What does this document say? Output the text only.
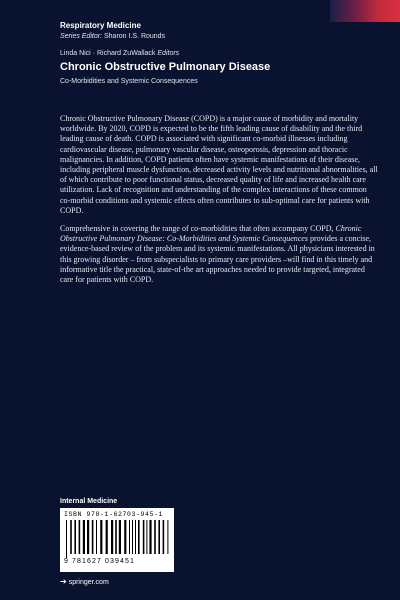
Respiratory Medicine
Series Editor: Sharon I.S. Rounds
Linda Nici · Richard ZuWallack Editors
Chronic Obstructive Pulmonary Disease
Co-Morbidities and Systemic Consequences

Chronic Obstructive Pulmonary Disease (COPD) is a major cause of morbidity and mortality worldwide. By 2020, COPD is expected to be the fifth leading cause of disability and the third leading cause of death. COPD is associated with significant co-morbid illnesses including cardiovascular disease, pulmonary vascular disease, osteoporosis, depression and thoracic malignancies. In addition, COPD patients often have systemic manifestations of their disease, including peripheral muscle dysfunction, decreased activity levels and nutritional abnormalities, all of which contribute to poor functional status, decreased quality of life and increased health care utilization. Lack of recognition and understanding of the complex interactions of these common co-morbid conditions and systemic effects often contributes to sub-optimal care for patients with COPD.

Comprehensive in covering the range of co-morbidities that often accompany COPD, Chronic Obstructive Pulmonary Disease: Co-Morbidities and Systemic Consequences provides a concise, evidence-based review of the problem and its systemic manifestations. All physicians interested in this growing disorder – from subspecialists to primary care providers –will find in this timely and informative title the practical, state-of-the art approaches needed to provide targeted, integrated care for patients with COPD.

Internal Medicine
ISBN 978-1-62703-945-1
9 781627 039451
➔ springer.com
